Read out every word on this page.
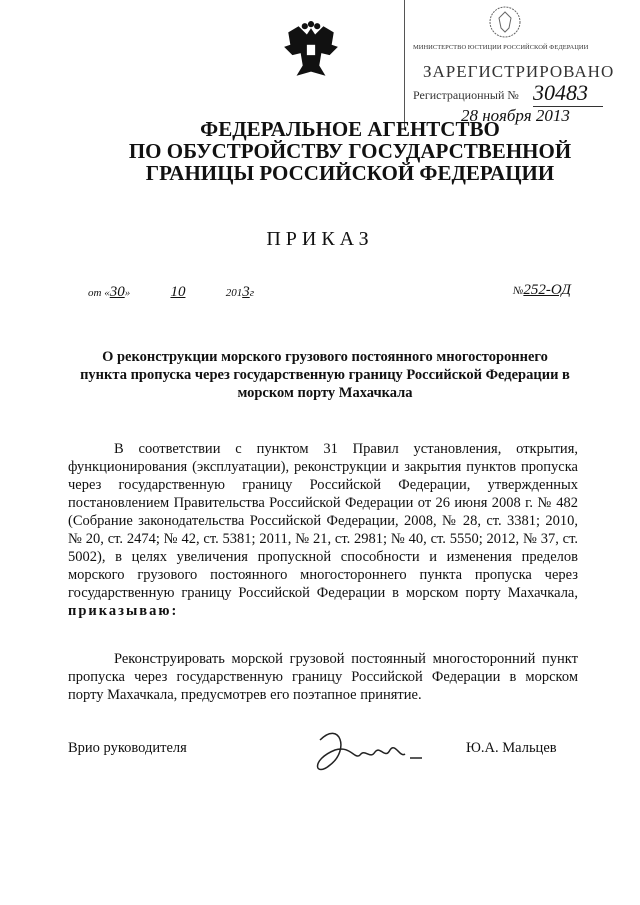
МИНИСТЕРСТВО ЮСТИЦИИ РОССИЙСКОЙ ФЕДЕРАЦИИ
ЗАРЕГИСТРИРОВАНО
Регистрационный № 30483
28 ноября 2013
ФЕДЕРАЛЬНОЕ АГЕНТСТВО
ПО ОБУСТРОЙСТВУ ГОСУДАРСТВЕННОЙ
ГРАНИЦЫ РОССИЙСКОЙ ФЕДЕРАЦИИ
ПРИКАЗ
от «30»	10	2013г	№252-ОД
О реконструкции морского грузового постоянного многостороннего пункта пропуска через государственную границу Российской Федерации в морском порту Махачкала
В соответствии с пунктом 31 Правил установления, открытия, функционирования (эксплуатации), реконструкции и закрытия пунктов пропуска через государственную границу Российской Федерации, утвержденных постановлением Правительства Российской Федерации от 26 июня 2008 г. № 482 (Собрание законодательства Российской Федерации, 2008, № 28, ст. 3381; 2010, № 20, ст. 2474; № 42, ст. 5381; 2011, № 21, ст. 2981; № 40, ст. 5550; 2012, № 37, ст. 5002), в целях увеличения пропускной способности и изменения пределов морского грузового постоянного многостороннего пункта пропуска через государственную границу Российской Федерации в морском порту Махачкала, приказываю:
Реконструировать морской грузовой постоянный многосторонний пункт пропуска через государственную границу Российской Федерации в морском порту Махачкала, предусмотрев его поэтапное принятие.
Врио руководителя	Ю.А. Мальцев
